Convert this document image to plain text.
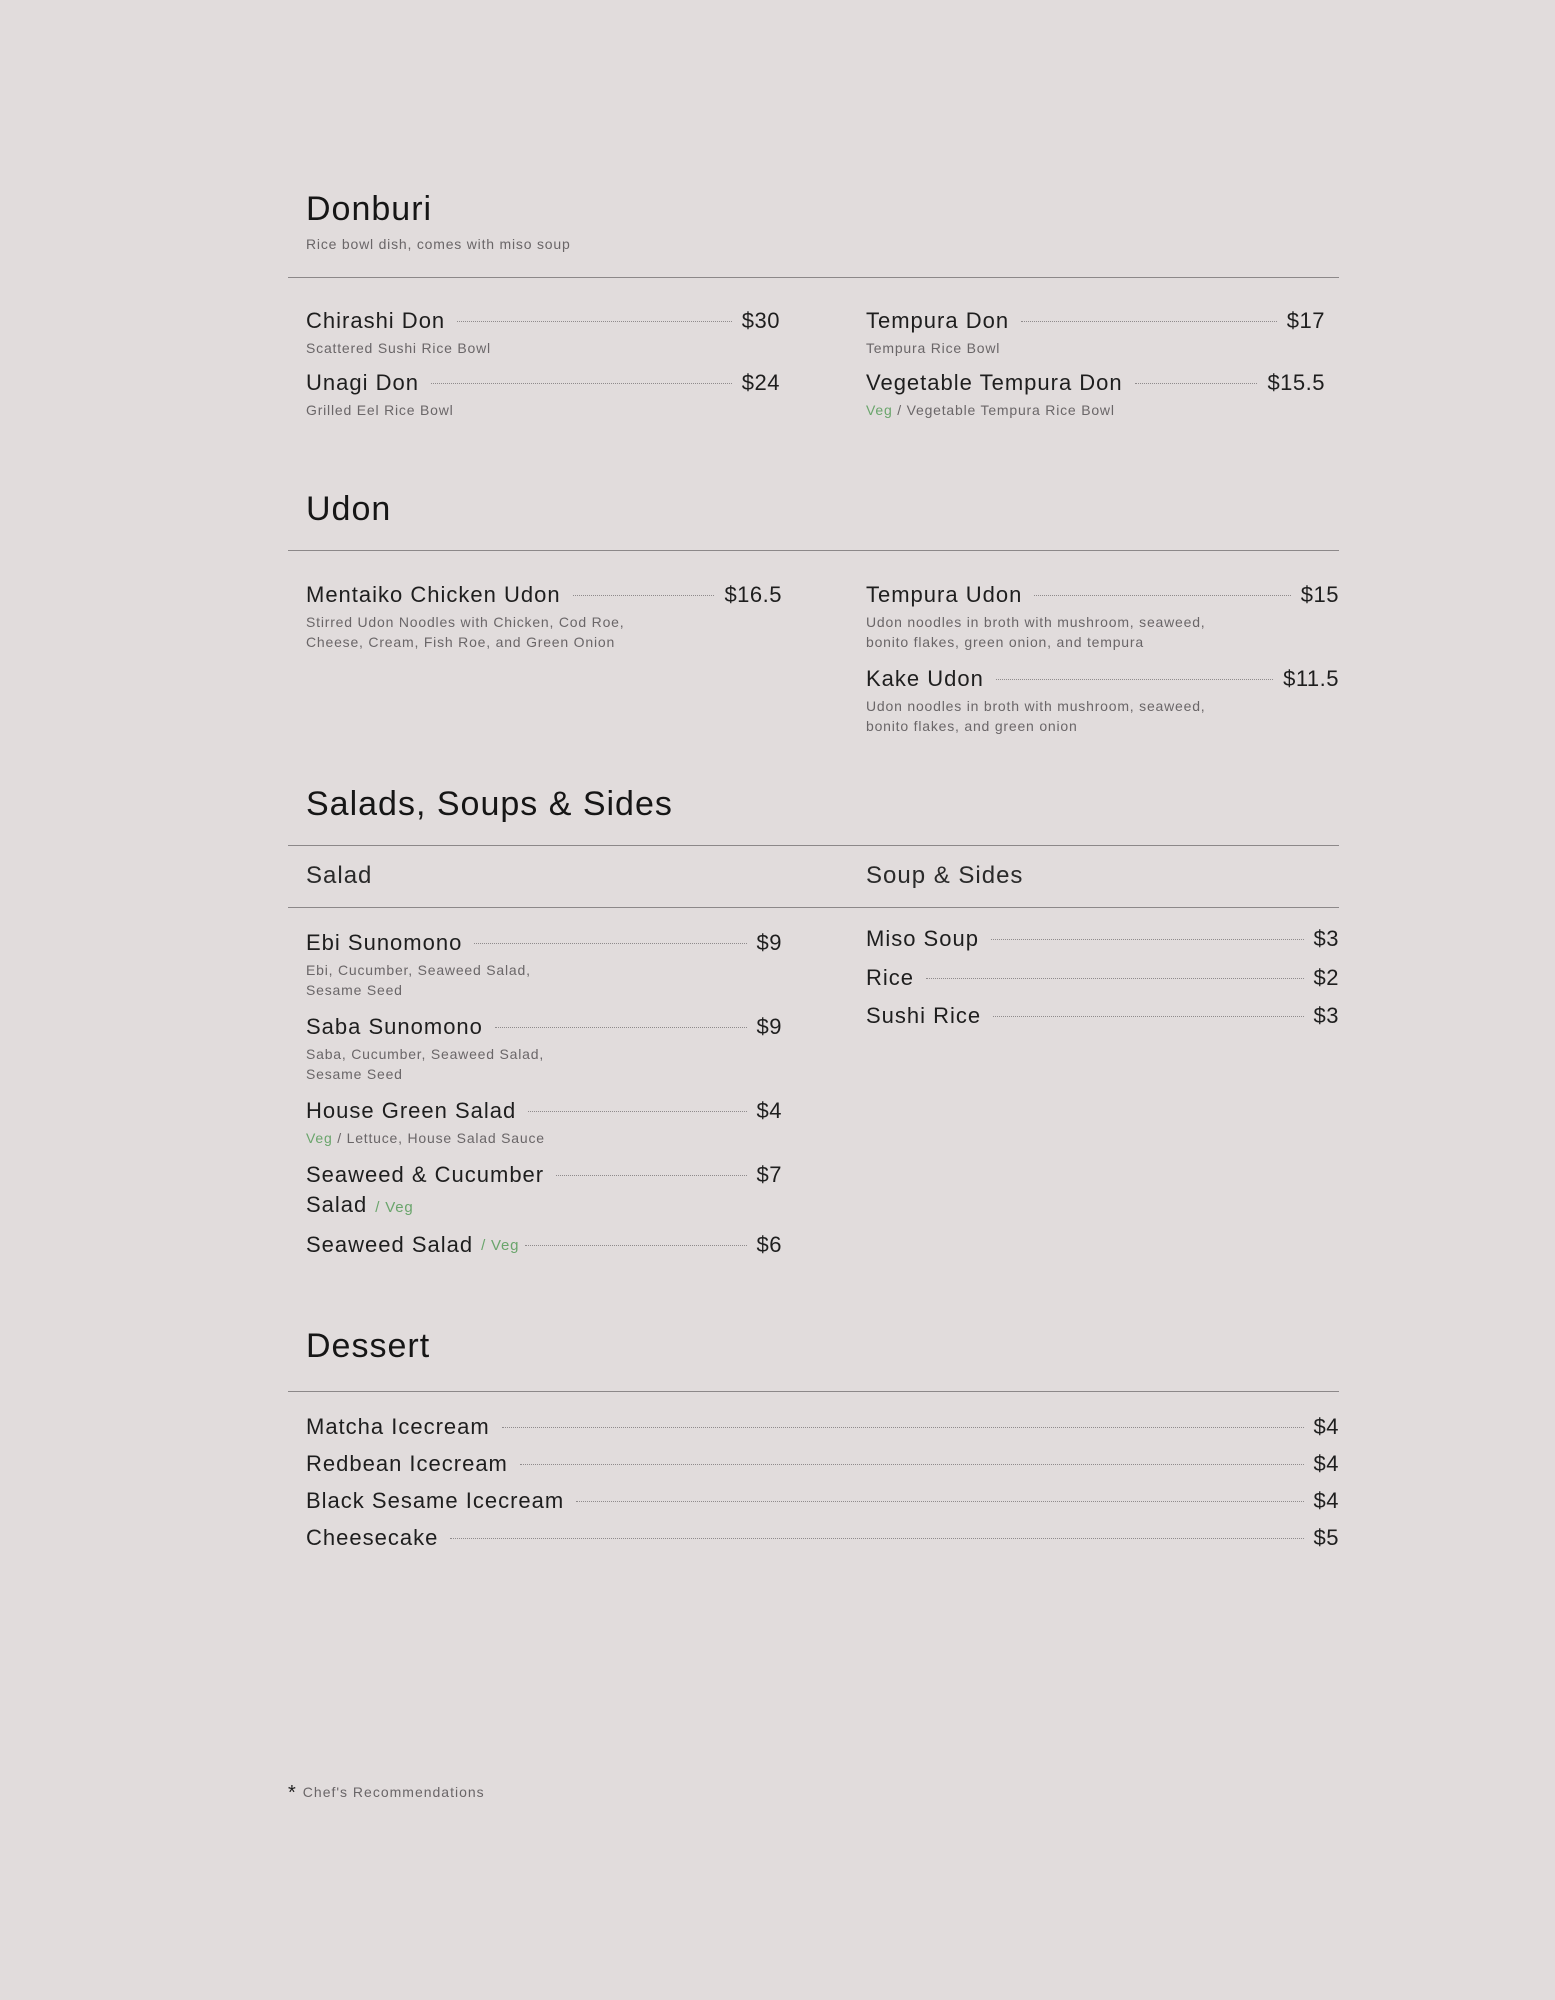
Donburi
Rice bowl dish, comes with miso soup
Chirashi Don	$30
Scattered Sushi Rice Bowl
Unagi Don	$24
Grilled Eel Rice Bowl
Tempura Don	$17
Tempura Rice Bowl
Vegetable Tempura Don	$15.5
Veg / Vegetable Tempura Rice Bowl
Udon
Mentaiko Chicken Udon	$16.5
Stirred Udon Noodles with Chicken, Cod Roe,
Cheese, Cream, Fish Roe, and Green Onion
Tempura Udon	$15
Udon noodles in broth with mushroom, seaweed,
bonito flakes, green onion, and tempura
Kake Udon	$11.5
Udon noodles in broth with mushroom, seaweed,
bonito flakes, and green onion
Salads, Soups & Sides
Salad	Soup & Sides
Ebi Sunomono	$9
Ebi, Cucumber, Seaweed Salad,
Sesame Seed
Saba Sunomono	$9
Saba, Cucumber, Seaweed Salad,
Sesame Seed
House Green Salad	$4
Veg / Lettuce, House Salad Sauce
Seaweed & Cucumber	$7
Salad / Veg
Seaweed Salad / Veg	$6
Miso Soup	$3
Rice	$2
Sushi Rice	$3
Dessert
Matcha Icecream	$4
Redbean Icecream	$4
Black Sesame Icecream	$4
Cheesecake	$5
* Chef's Recommendations
